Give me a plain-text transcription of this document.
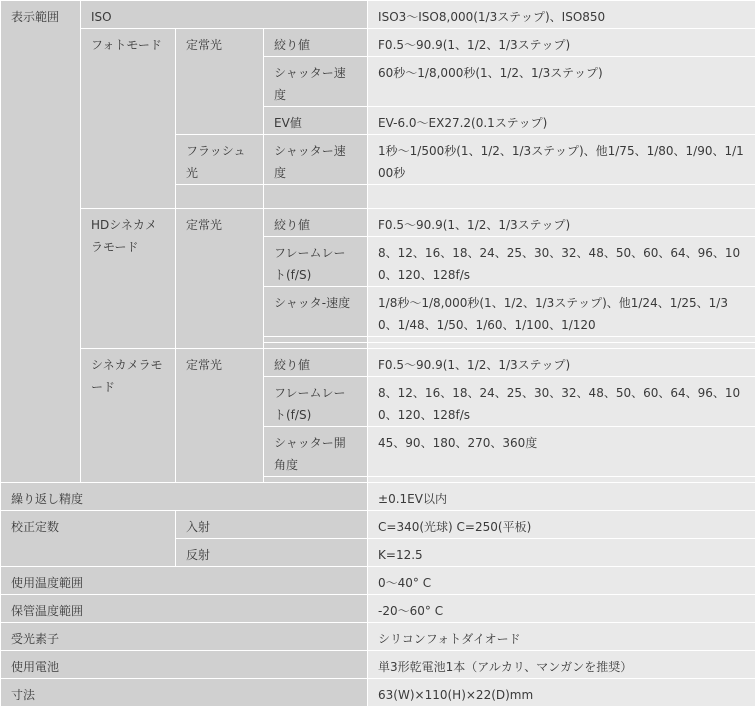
表示範囲	ISO			ISO3～ISO8,000(1/3ステップ)、ISO850
	フォトモード	定常光	絞り値	F0.5～90.9(1、1/2、1/3ステップ)
			シャッター速度	60秒～1/8,000秒(1、1/2、1/3ステップ)
			EV値	EV-6.0～EX27.2(0.1ステップ)
		フラッシュ光	シャッター速度	1秒～1/500秒(1、1/2、1/3ステップ)、他1/75、1/80、1/90、1/100秒

	HDシネカメラモード	定常光	絞り値	F0.5～90.9(1、1/2、1/3ステップ)
			フレームレート(f/S)	8、12、16、18、24、25、30、32、48、50、60、64、96、100、120、128f/s
			シャッタ-速度	1/8秒～1/8,000秒(1、1/2、1/3ステップ)、他1/24、1/25、1/30、1/48、1/50、1/60、1/100、1/120

	シネカメラモード	定常光	絞り値	F0.5～90.9(1、1/2、1/3ステップ)
			フレームレート(f/S)	8、12、16、18、24、25、30、32、48、50、60、64、96、100、120、128f/s
			シャッター開角度	45、90、180、270、360度

繰り返し精度				±0.1EV以内
校正定数		入射		C=340(光球) C=250(平板)
		反射		K=12.5
使用温度範囲				0～40° C
保管温度範囲				-20～60° C
受光素子				シリコンフォトダイオード
使用電池				単3形乾電池1本（アルカリ、マンガンを推奨）
寸法				63(W)×110(H)×22(D)mm
